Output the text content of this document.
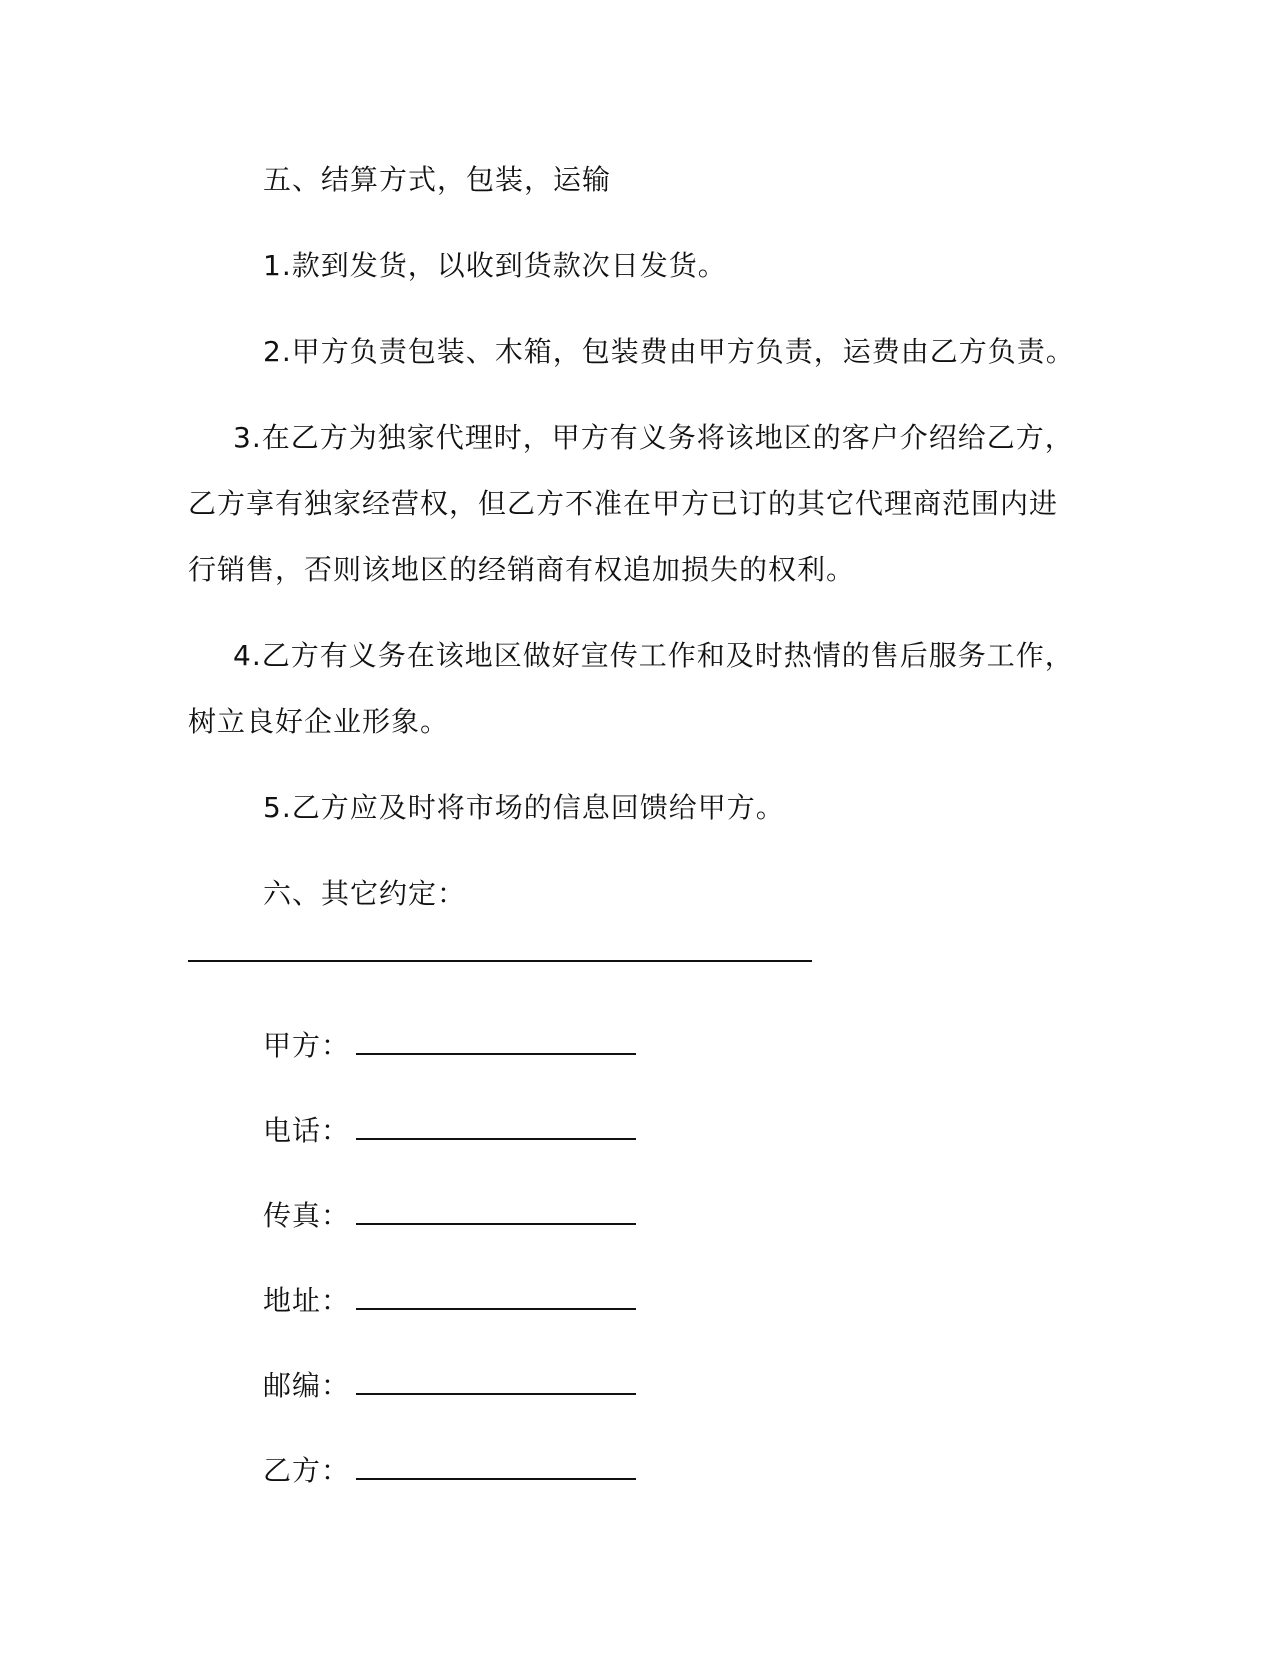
五、结算方式，包装，运输
1.款到发货，以收到货款次日发货。
2.甲方负责包装、木箱，包装费由甲方负责，运费由乙方负责。
3.在乙方为独家代理时，甲方有义务将该地区的客户介绍给乙方，
乙方享有独家经营权，但乙方不准在甲方已订的其它代理商范围内进
行销售，否则该地区的经销商有权追加损失的权利。
4.乙方有义务在该地区做好宣传工作和及时热情的售后服务工作，
树立良好企业形象。
5.乙方应及时将市场的信息回馈给甲方。
六、其它约定：
甲方：
电话：
传真：
地址：
邮编：
乙方：
